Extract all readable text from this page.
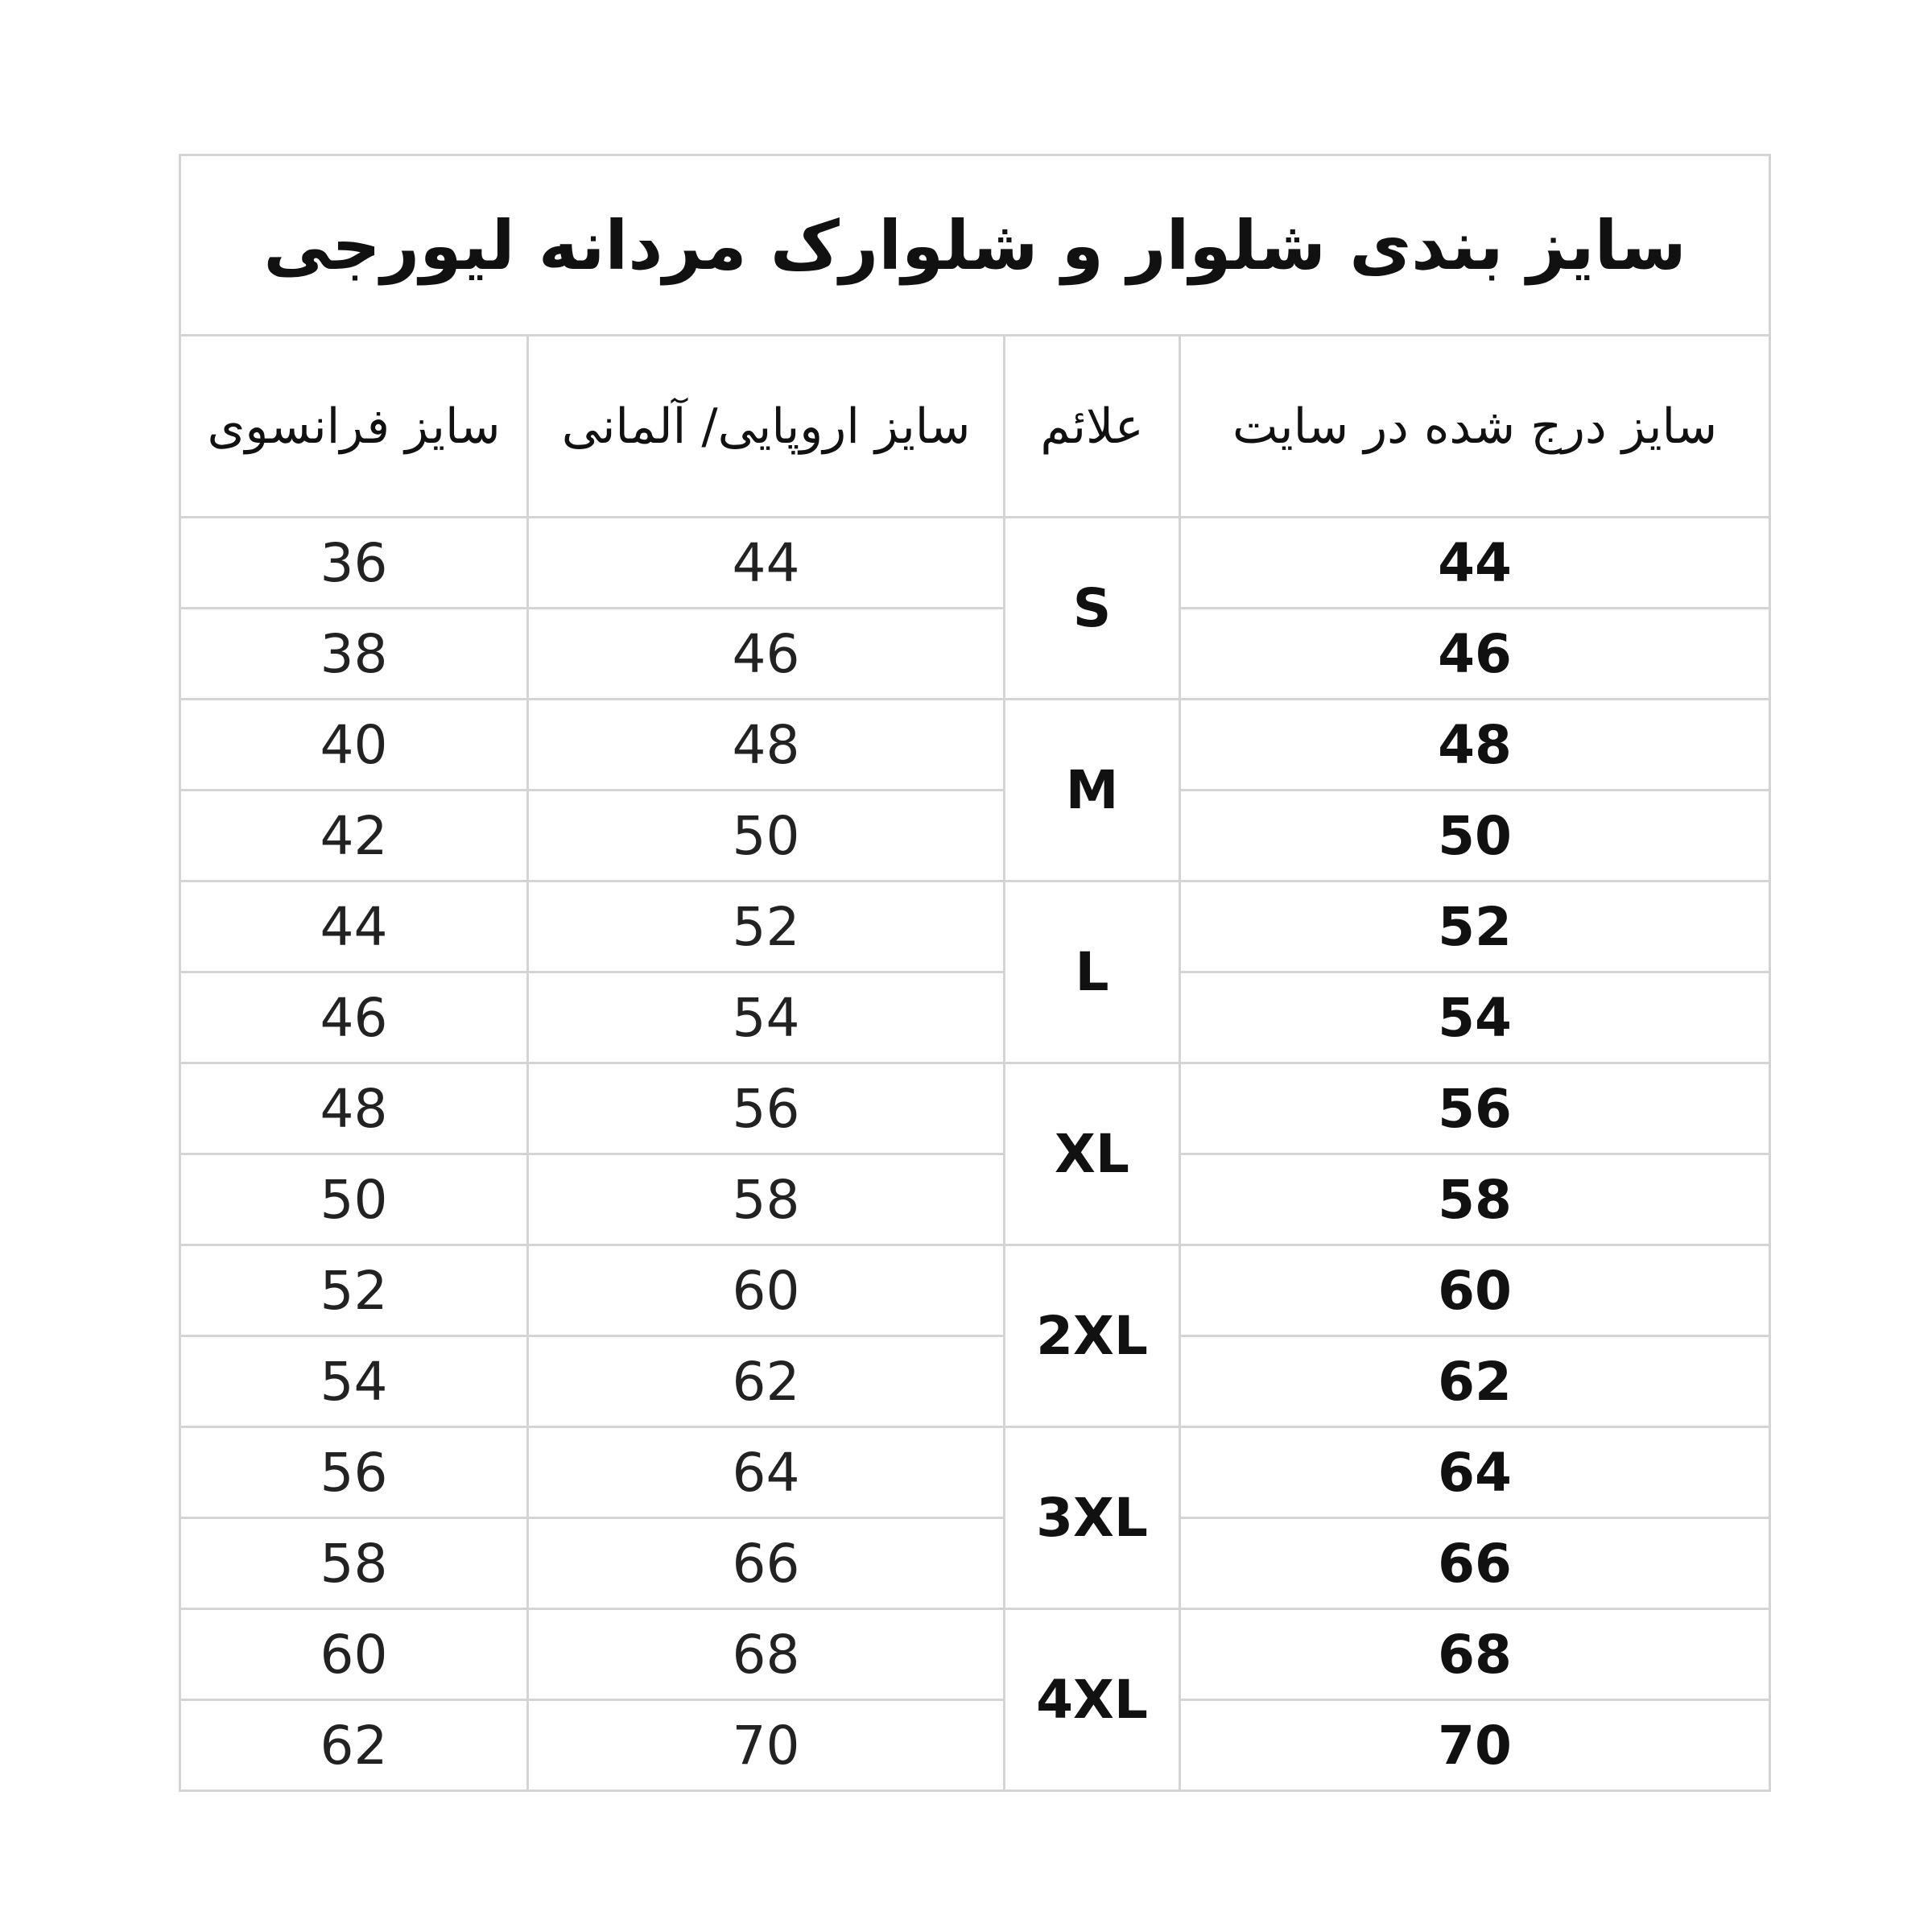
سایز بندی شلوار و شلوارک مردانه لیورجی			
سایز درج شده در سایت	علائم	سایز اروپایی/ آلمانی	سایز فرانسوی
44	S	44	36
46		46	38
48	M	48	40
50		50	42
52	L	52	44
54		54	46
56	XL	56	48
58		58	50
60	2XL	60	52
62		62	54
64	3XL	64	56
66		66	58
68	4XL	68	60
70		70	62
